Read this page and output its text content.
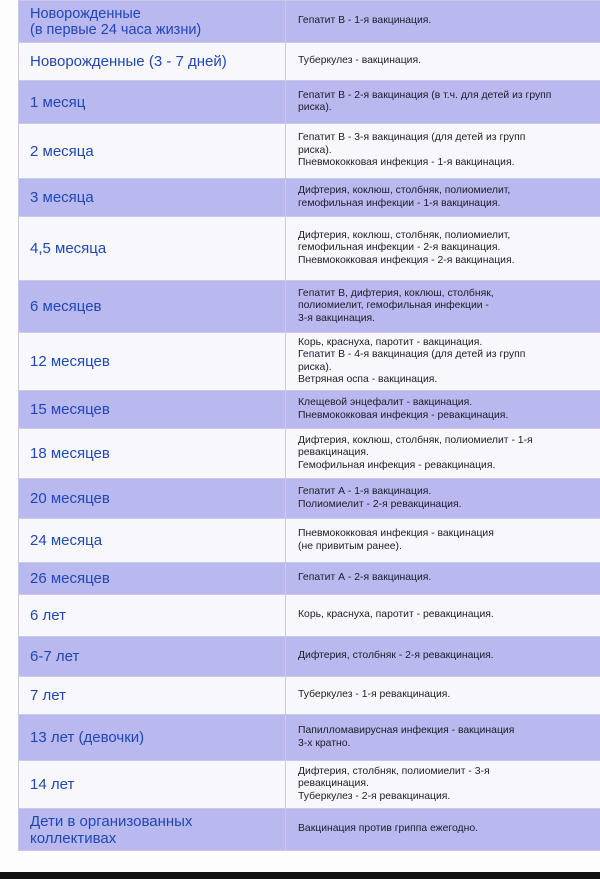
Новорожденные
(в первые 24 часа жизни)	Гепатит В - 1-я вакцинация.

Новорожденные (3 - 7 дней)	Туберкулез - вакцинация.

1 месяц	Гепатит В - 2-я вакцинация (в т.ч. для детей из групп
риска).

2 месяца	Гепатит В - 3-я вакцинация (для детей из групп
риска).
Пневмококковая инфекция - 1-я вакцинация.

3 месяца	Дифтерия, коклюш, столбняк, полиомиелит,
гемофильная инфекции - 1-я вакцинация.

4,5 месяца	Дифтерия, коклюш, столбняк, полиомиелит,
гемофильная инфекции - 2-я вакцинация.
Пневмококковая инфекция - 2-я вакцинация.

6 месяцев	Гепатит В, дифтерия, коклюш, столбняк,
полиомиелит, гемофильная инфекции -
3-я вакцинация.

12 месяцев	Корь, краснуха, паротит - вакцинация.
Гепатит В - 4-я вакцинация (для детей из групп
риска).
Ветряная оспа - вакцинация.

15 месяцев	Клещевой энцефалит - вакцинация.
Пневмококковая инфекция - ревакцинация.

18 месяцев	Дифтерия, коклюш, столбняк, полиомиелит - 1-я
ревакцинация.
Гемофильная инфекция - ревакцинация.

20 месяцев	Гепатит А - 1-я вакцинация.
Полиомиелит - 2-я ревакцинация.

24 месяца	Пневмококковая инфекция - вакцинация
(не привитым ранее).

26 месяцев	Гепатит А - 2-я вакцинация.

6 лет	Корь, краснуха, паротит - ревакцинация.

6-7 лет	Дифтерия, столбняк - 2-я ревакцинация.

7 лет	Туберкулез - 1-я ревакцинация.

13 лет (девочки)	Папилломавирусная инфекция - вакцинация
3-х кратно.

14 лет	Дифтерия, столбняк, полиомиелит - 3-я
ревакцинация.
Туберкулез - 2-я ревакцинация.

Дети в организованных
коллективах	Вакцинация против гриппа ежегодно.
